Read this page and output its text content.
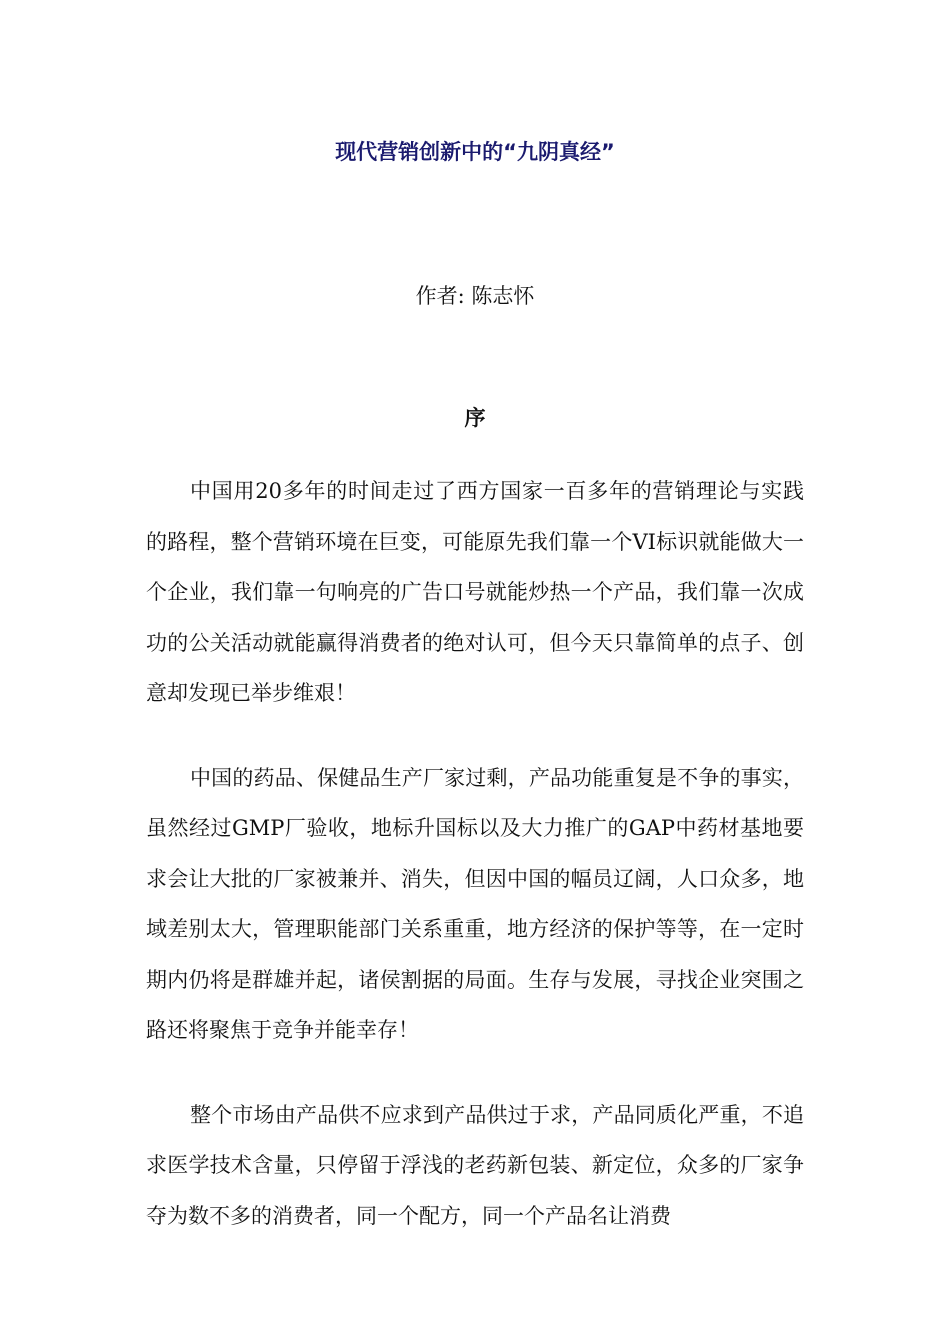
现代营销创新中的“九阴真经”
作者: 陈志怀
序

中国用20多年的时间走过了西方国家一百多年的营销理论与实践的路程，整个营销环境在巨变，可能原先我们靠一个VI标识就能做大一个企业，我们靠一句响亮的广告口号就能炒热一个产品，我们靠一次成功的公关活动就能赢得消费者的绝对认可，但今天只靠简单的点子、创意却发现已举步维艰！

中国的药品、保健品生产厂家过剩，产品功能重复是不争的事实，虽然经过GMP厂验收，地标升国标以及大力推广的GAP中药材基地要求会让大批的厂家被兼并、消失，但因中国的幅员辽阔，人口众多，地域差别太大，管理职能部门关系重重，地方经济的保护等等，在一定时期内仍将是群雄并起，诸侯割据的局面。生存与发展，寻找企业突围之路还将聚焦于竞争并能幸存！

整个市场由产品供不应求到产品供过于求，产品同质化严重，不追求医学技术含量，只停留于浮浅的老药新包装、新定位，众多的厂家争夺为数不多的消费者，同一个配方，同一个产品名让消费
